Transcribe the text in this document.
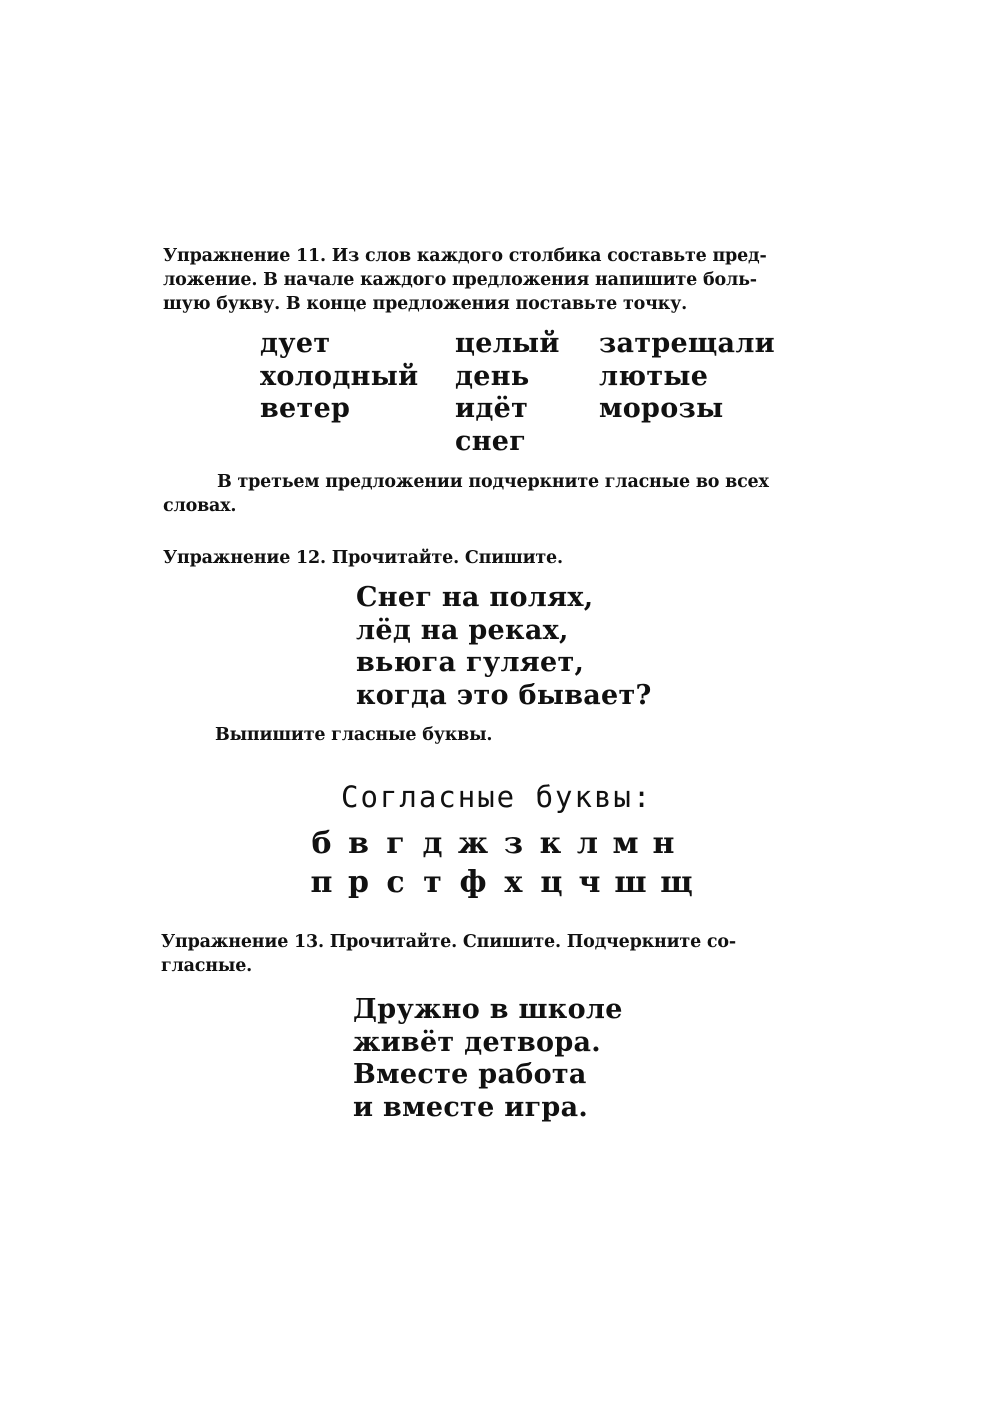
Упражнение 11. Из слов каждого столбика составьте пред-
ложение. В начале каждого предложения напишите боль-
шую букву. В конце предложения поставьте точку.
дует
холодный
ветер
целый
день
идёт
снег
затрещали
лютые
морозы
В третьем предложении подчеркните гласные во всех
словах.
Упражнение 12. Прочитайте. Спишите.
Снег на полях,
лёд на реках,
вьюга гуляет,
когда это бывает?
Выпишите гласные буквы.
Согласные буквы:
б в г д ж з к л м н
п р с т ф х ц ч ш щ
Упражнение 13. Прочитайте. Спишите. Подчеркните со-
гласные.
Дружно в школе
живёт детвора.
Вместе работа
и вместе игра.
